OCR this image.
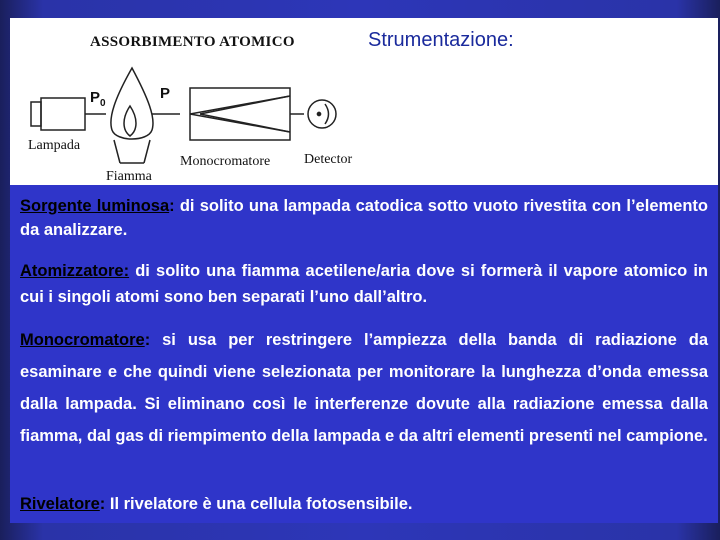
ASSORBIMENTO ATOMICO
$P_0$
P
Lampada
Fiamma
Monocromatore Detector
Strumentazione:
Sorgente luminosa: di solito una lampada catodica sotto vuoto rivestita con l’elemento da analizzare.
Atomizzatore: di solito una fiamma acetilene/aria dove si formerà il vapore atomico in cui i singoli atomi sono ben separati l’uno dall’altro.
Monocromatore: si usa per restringere l’ampiezza della banda di radiazione da esaminare e che quindi viene selezionata per monitorare la lunghezza d’onda emessa dalla lampada. Si eliminano così le interferenze dovute alla radiazione emessa dalla fiamma, dal gas di riempimento della lampada e da altri elementi presenti nel campione.
Rivelatore: Il rivelatore è una cellula fotosensibile.
